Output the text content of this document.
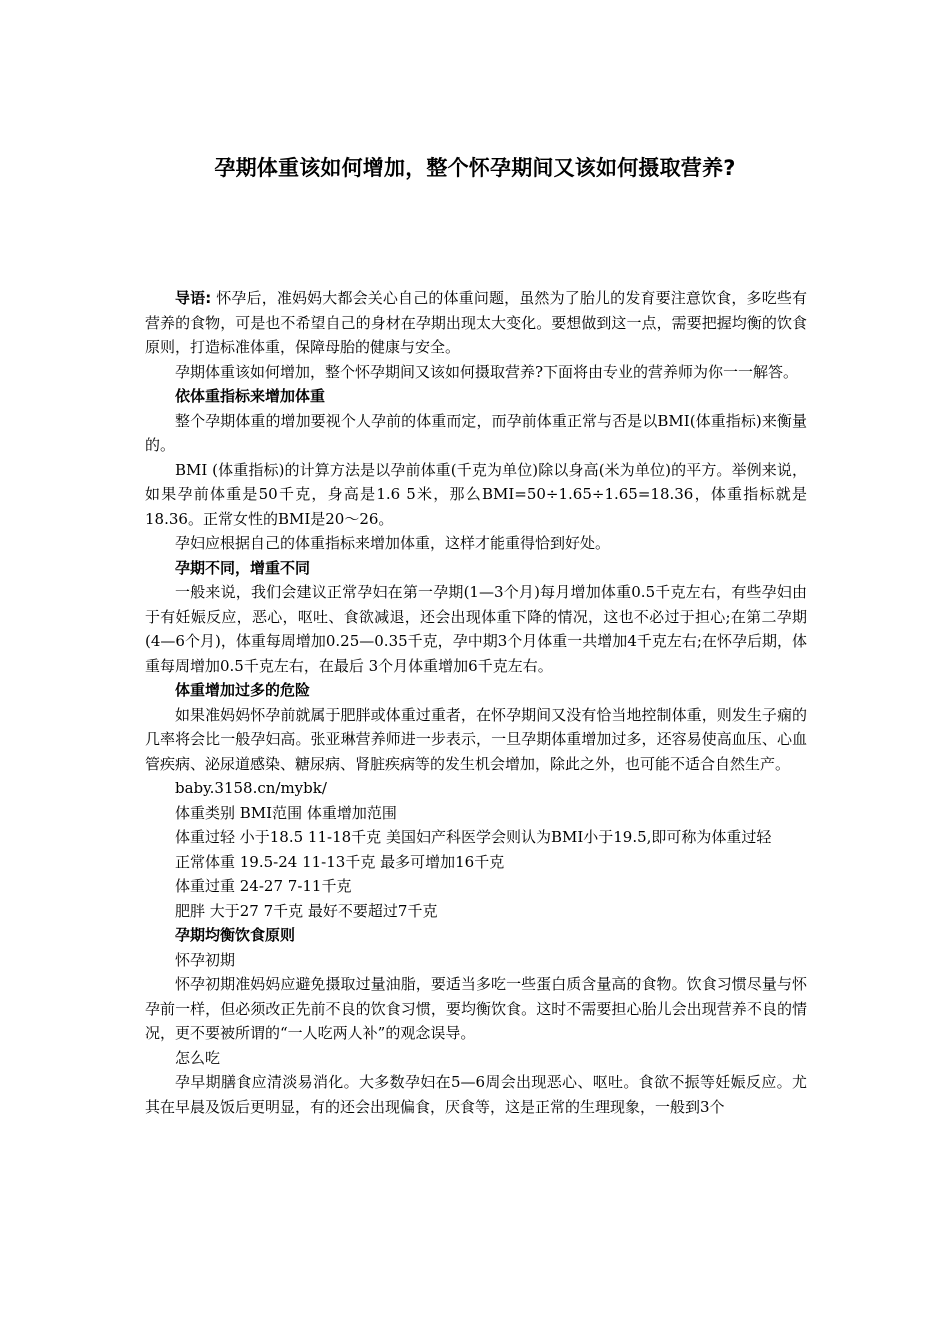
孕期体重该如何增加，整个怀孕期间又该如何摄取营养?

导语: 怀孕后，准妈妈大都会关心自己的体重问题，虽然为了胎儿的发育要注意饮食，多吃些有营养的食物，可是也不希望自己的身材在孕期出现太大变化。要想做到这一点，需要把握均衡的饮食原则，打造标准体重，保障母胎的健康与安全。

孕期体重该如何增加，整个怀孕期间又该如何摄取营养?下面将由专业的营养师为你一一解答。

依体重指标来增加体重

整个孕期体重的增加要视个人孕前的体重而定，而孕前体重正常与否是以BMI(体重指标)来衡量的。

BMI (体重指标)的计算方法是以孕前体重(千克为单位)除以身高(米为单位)的平方。举例来说，如果孕前体重是50千克，身高是1.6 5米，那么BMI=50÷1.65÷1.65=18.36，体重指标就是18.36。正常女性的BMI是20～26。

孕妇应根据自己的体重指标来增加体重，这样才能重得恰到好处。

孕期不同，增重不同

一般来说，我们会建议正常孕妇在第一孕期(1—3个月)每月增加体重0.5千克左右，有些孕妇由于有妊娠反应，恶心，呕吐、食欲减退，还会出现体重下降的情况，这也不必过于担心;在第二孕期 (4—6个月)，体重每周增加0.25—0.35千克，孕中期3个月体重一共增加4千克左右;在怀孕后期，体重每周增加0.5千克左右，在最后 3个月体重增加6千克左右。

体重增加过多的危险

如果准妈妈怀孕前就属于肥胖或体重过重者，在怀孕期间又没有恰当地控制体重，则发生子痫的几率将会比一般孕妇高。张亚琳营养师进一步表示，一旦孕期体重增加过多，还容易使高血压、心血管疾病、泌尿道感染、糖尿病、肾脏疾病等的发生机会增加，除此之外，也可能不适合自然生产。

baby.3158.cn/mybk/

体重类别 BMI范围 体重增加范围

体重过轻 小于18.5 11-18千克 美国妇产科医学会则认为BMI小于19.5,即可称为体重过轻

正常体重 19.5-24 11-13千克 最多可增加16千克

体重过重 24-27 7-11千克

肥胖 大于27 7千克 最好不要超过7千克

孕期均衡饮食原则

怀孕初期

怀孕初期准妈妈应避免摄取过量油脂，要适当多吃一些蛋白质含量高的食物。饮食习惯尽量与怀孕前一样，但必须改正先前不良的饮食习惯，要均衡饮食。这时不需要担心胎儿会出现营养不良的情况，更不要被所谓的“一人吃两人补”的观念误导。

怎么吃

孕早期膳食应清淡易消化。大多数孕妇在5—6周会出现恶心、呕吐。食欲不振等妊娠反应。尤其在早晨及饭后更明显，有的还会出现偏食，厌食等，这是正常的生理现象，一般到3个
